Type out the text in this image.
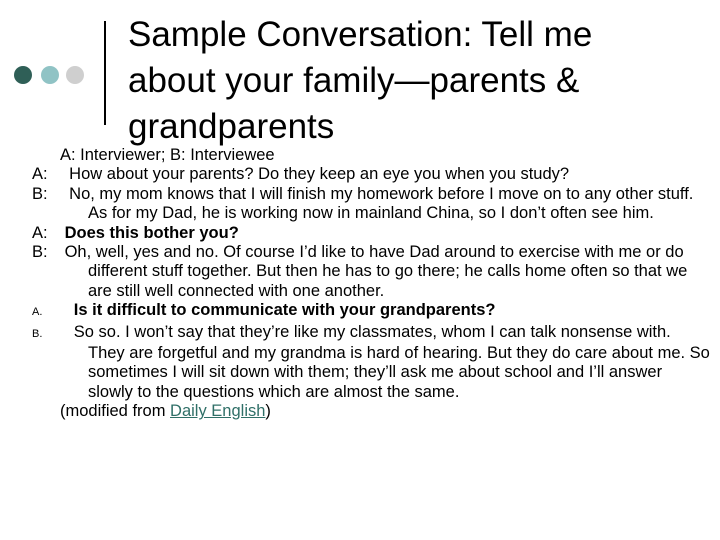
Sample Conversation: Tell me
about your family—parents &
grandparents

A: Interviewer; B: Interviewee

A: How about your parents? Do they keep an eye you when you study?

B: No, my mom knows that I will finish my homework before I move on to any other stuff. As for my Dad, he is working now in mainland China, so I don’t often see him.

A: Does this bother you?

B: Oh, well, yes and no. Of course I’d like to have Dad around to exercise with me or do different stuff together. But then he has to go there; he calls home often so that we are still well connected with one another.

A. Is it difficult to communicate with your grandparents?

B. So so. I won’t say that they’re like my classmates, whom I can talk nonsense with. They are forgetful and my grandma is hard of hearing. But they do care about me. So sometimes I will sit down with them; they’ll ask me about school and I’ll answer slowly to the questions which are almost the same.

(modified from Daily English)
